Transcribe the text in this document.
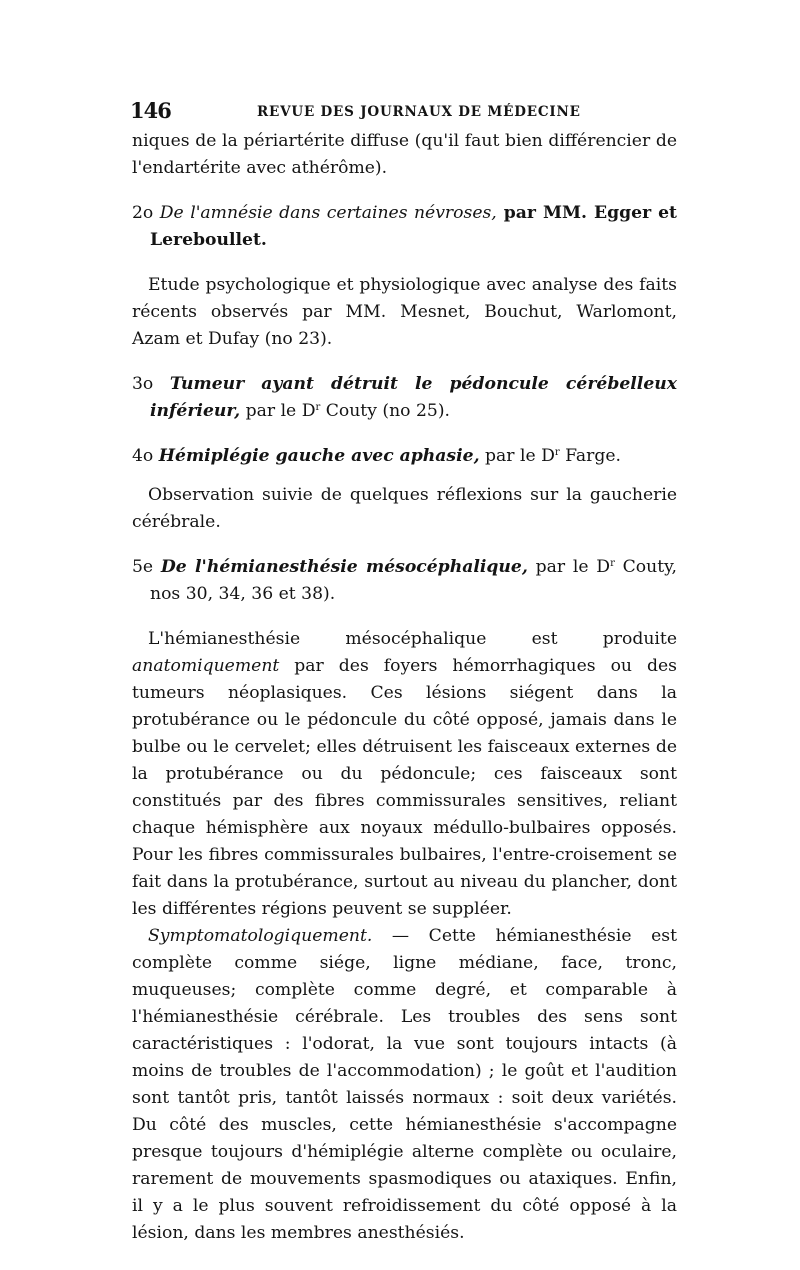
146	REVUE DES JOURNAUX DE MÉDECINE

niques de la périartérite diffuse (qu'il faut bien différencier de l'endartérite avec athérôme).

2o De l'amnésie dans certaines névroses, par MM. Egger et Lereboullet.

Etude psychologique et physiologique avec analyse des faits récents observés par MM. Mesnet, Bouchut, Warlomont, Azam et Dufay (no 23).

3o Tumeur ayant détruit le pédoncule cérébelleux inférieur, par le $D^r$ Couty (no 25).

4o Hémiplégie gauche avec aphasie, par le $D^r$ Farge.

Observation suivie de quelques réflexions sur la gaucherie cérébrale.

5e De l'hémianesthésie mésocéphalique, par le $D^r$ Couty, nos 30, 34, 36 et 38).

L'hémianesthésie mésocéphalique est produite anatomiquement par des foyers hémorrhagiques ou des tumeurs néoplasiques. Ces lésions siégent dans la protubérance ou le pédoncule du côté opposé, jamais dans le bulbe ou le cervelet; elles détruisent les faisceaux externes de la protubérance ou du pédoncule; ces faisceaux sont constitués par des fibres commissurales sensitives, reliant chaque hémisphère aux noyaux médullo-bulbaires opposés. Pour les fibres commissurales bulbaires, l'entre-croisement se fait dans la protubérance, surtout au niveau du plancher, dont les différentes régions peuvent se suppléer.

Symptomatologiquement. — Cette hémianesthésie est complète comme siége, ligne médiane, face, tronc, muqueuses; complète comme degré, et comparable à l'hémianesthésie cérébrale. Les troubles des sens sont caractéristiques : l'odorat, la vue sont toujours intacts (à moins de troubles de l'accommodation) ; le goût et l'audition sont tantôt pris, tantôt laissés normaux : soit deux variétés. Du côté des muscles, cette hémianesthésie s'accompagne presque toujours d'hémiplégie alterne complète ou oculaire, rarement de mouvements spasmodiques ou ataxiques. Enfin, il y a le plus souvent refroidissement du côté opposé à la lésion, dans les membres anesthésiés.
